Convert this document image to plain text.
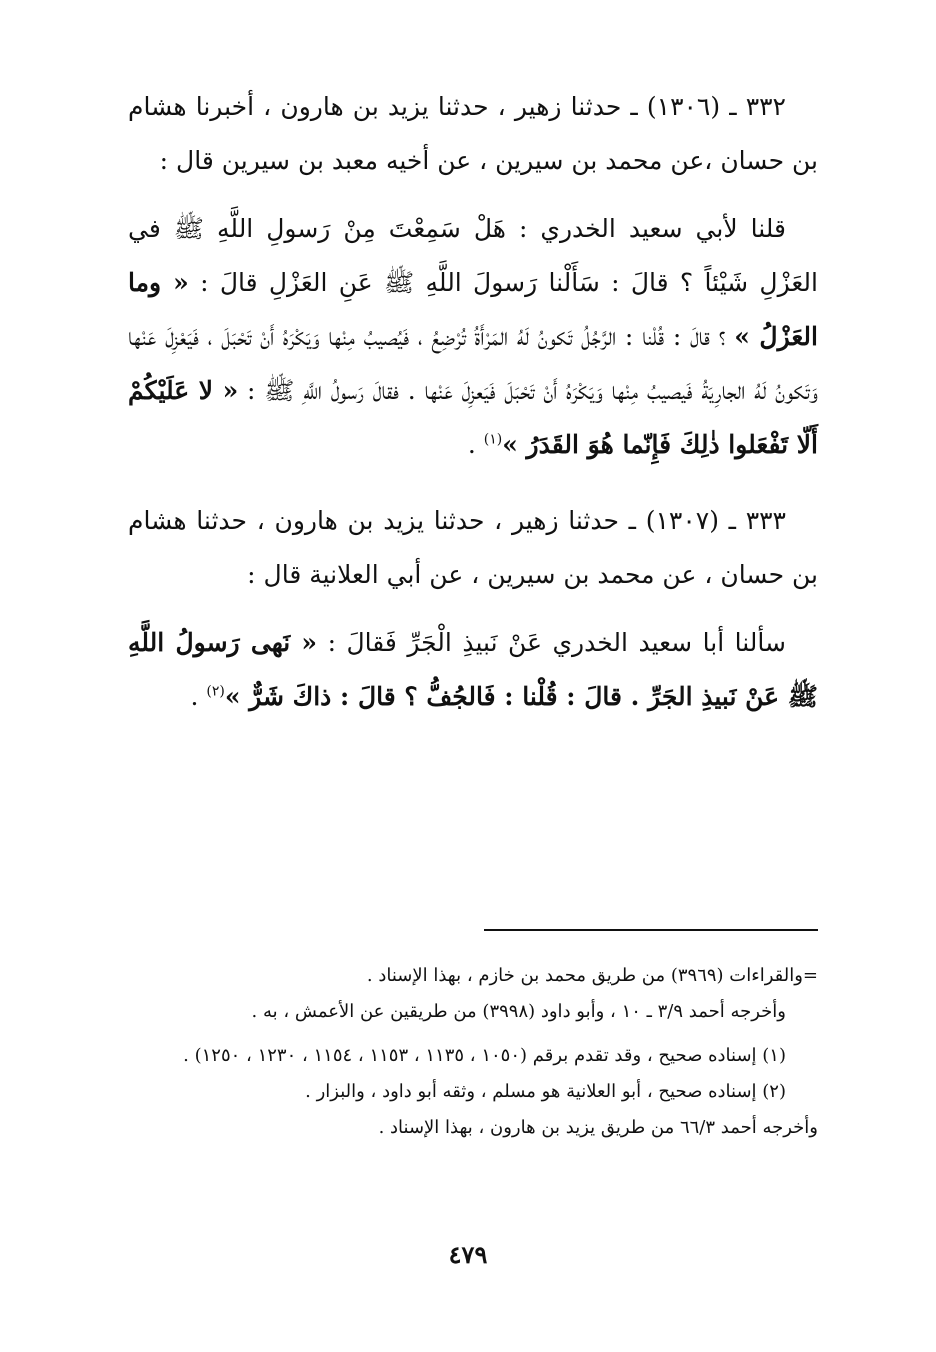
٣٣٢ ـ (١٣٠٦) ـ حدثنا زهير ، حدثنا يزيد بن هارون ، أخبرنا هشام بن حسان ،عن محمد بن سيرين ، عن أخيه معبد بن سيرين قال :

قلنا لأبي سعيد الخدري : هَلْ سَمِعْتَ مِنْ رَسولِ اللَّهِ ﷺ في العَزْلِ شَيْئاً ؟ قالَ : سَأَلْنا رَسولَ اللَّهِ ﷺ عَنِ العَزْلِ قالَ : « وما العَزْلُ » ؟ قالَ : قُلْنا : الرَّجُلُ تَكونُ لَهُ المَرْأَةُ تُرْضِعُ ، فَيُصيبُ مِنْها وَيَكْرَهُ أَنْ تَحْبَلَ ، فَيَعْزِلَ عَنْها وَتَكونُ لَهُ الجارِيَةُ فَيصيبُ مِنْها وَيَكْرَهُ أَنْ تَحْبَلَ فَيَعزِلَ عَنْها . فقالَ رَسولُ اللَّهِ ﷺ : « لا عَلَيْكُمْ أَلّا تَفْعَلوا ذٰلِكَ فَإِنّما هُوَ القَدَرُ »$^{(١)}$ .

٣٣٣ ـ (١٣٠٧) ـ حدثنا زهير ، حدثنا يزيد بن هارون ، حدثنا هشام بن حسان ، عن محمد بن سيرين ، عن أبي العلانية قال :

سألنا أبا سعيد الخدري عَنْ نَبيذِ الْجَرِّ فَقالَ : « نَهى رَسولُ اللَّهِ ﷺ عَنْ نَبيذِ الجَرِّ . قالَ : قُلْنا : فَالجُفُّ ؟ قالَ : ذاكَ شَرٌّ »$^{(٢)}$ .

=والقراءات (٣٩٦٩) من طريق محمد بن خازم ، بهذا الإسناد .

وأخرجه أحمد ٣/٩ ـ ١٠ ، وأبو داود (٣٩٩٨) من طريقين عن الأعمش ، به .

(١) إسناده صحيح ، وقد تقدم برقم (١٠٥٠ ، ١١٣٥ ، ١١٥٣ ، ١١٥٤ ، ١٢٣٠ ، ١٢٥٠) .

(٢) إسناده صحيح ، أبو العلانية هو مسلم ، وثقه أبو داود ، والبزار .

وأخرجه أحمد ٦٦/٣ من طريق يزيد بن هارون ، بهذا الإسناد .

٤٧٩
